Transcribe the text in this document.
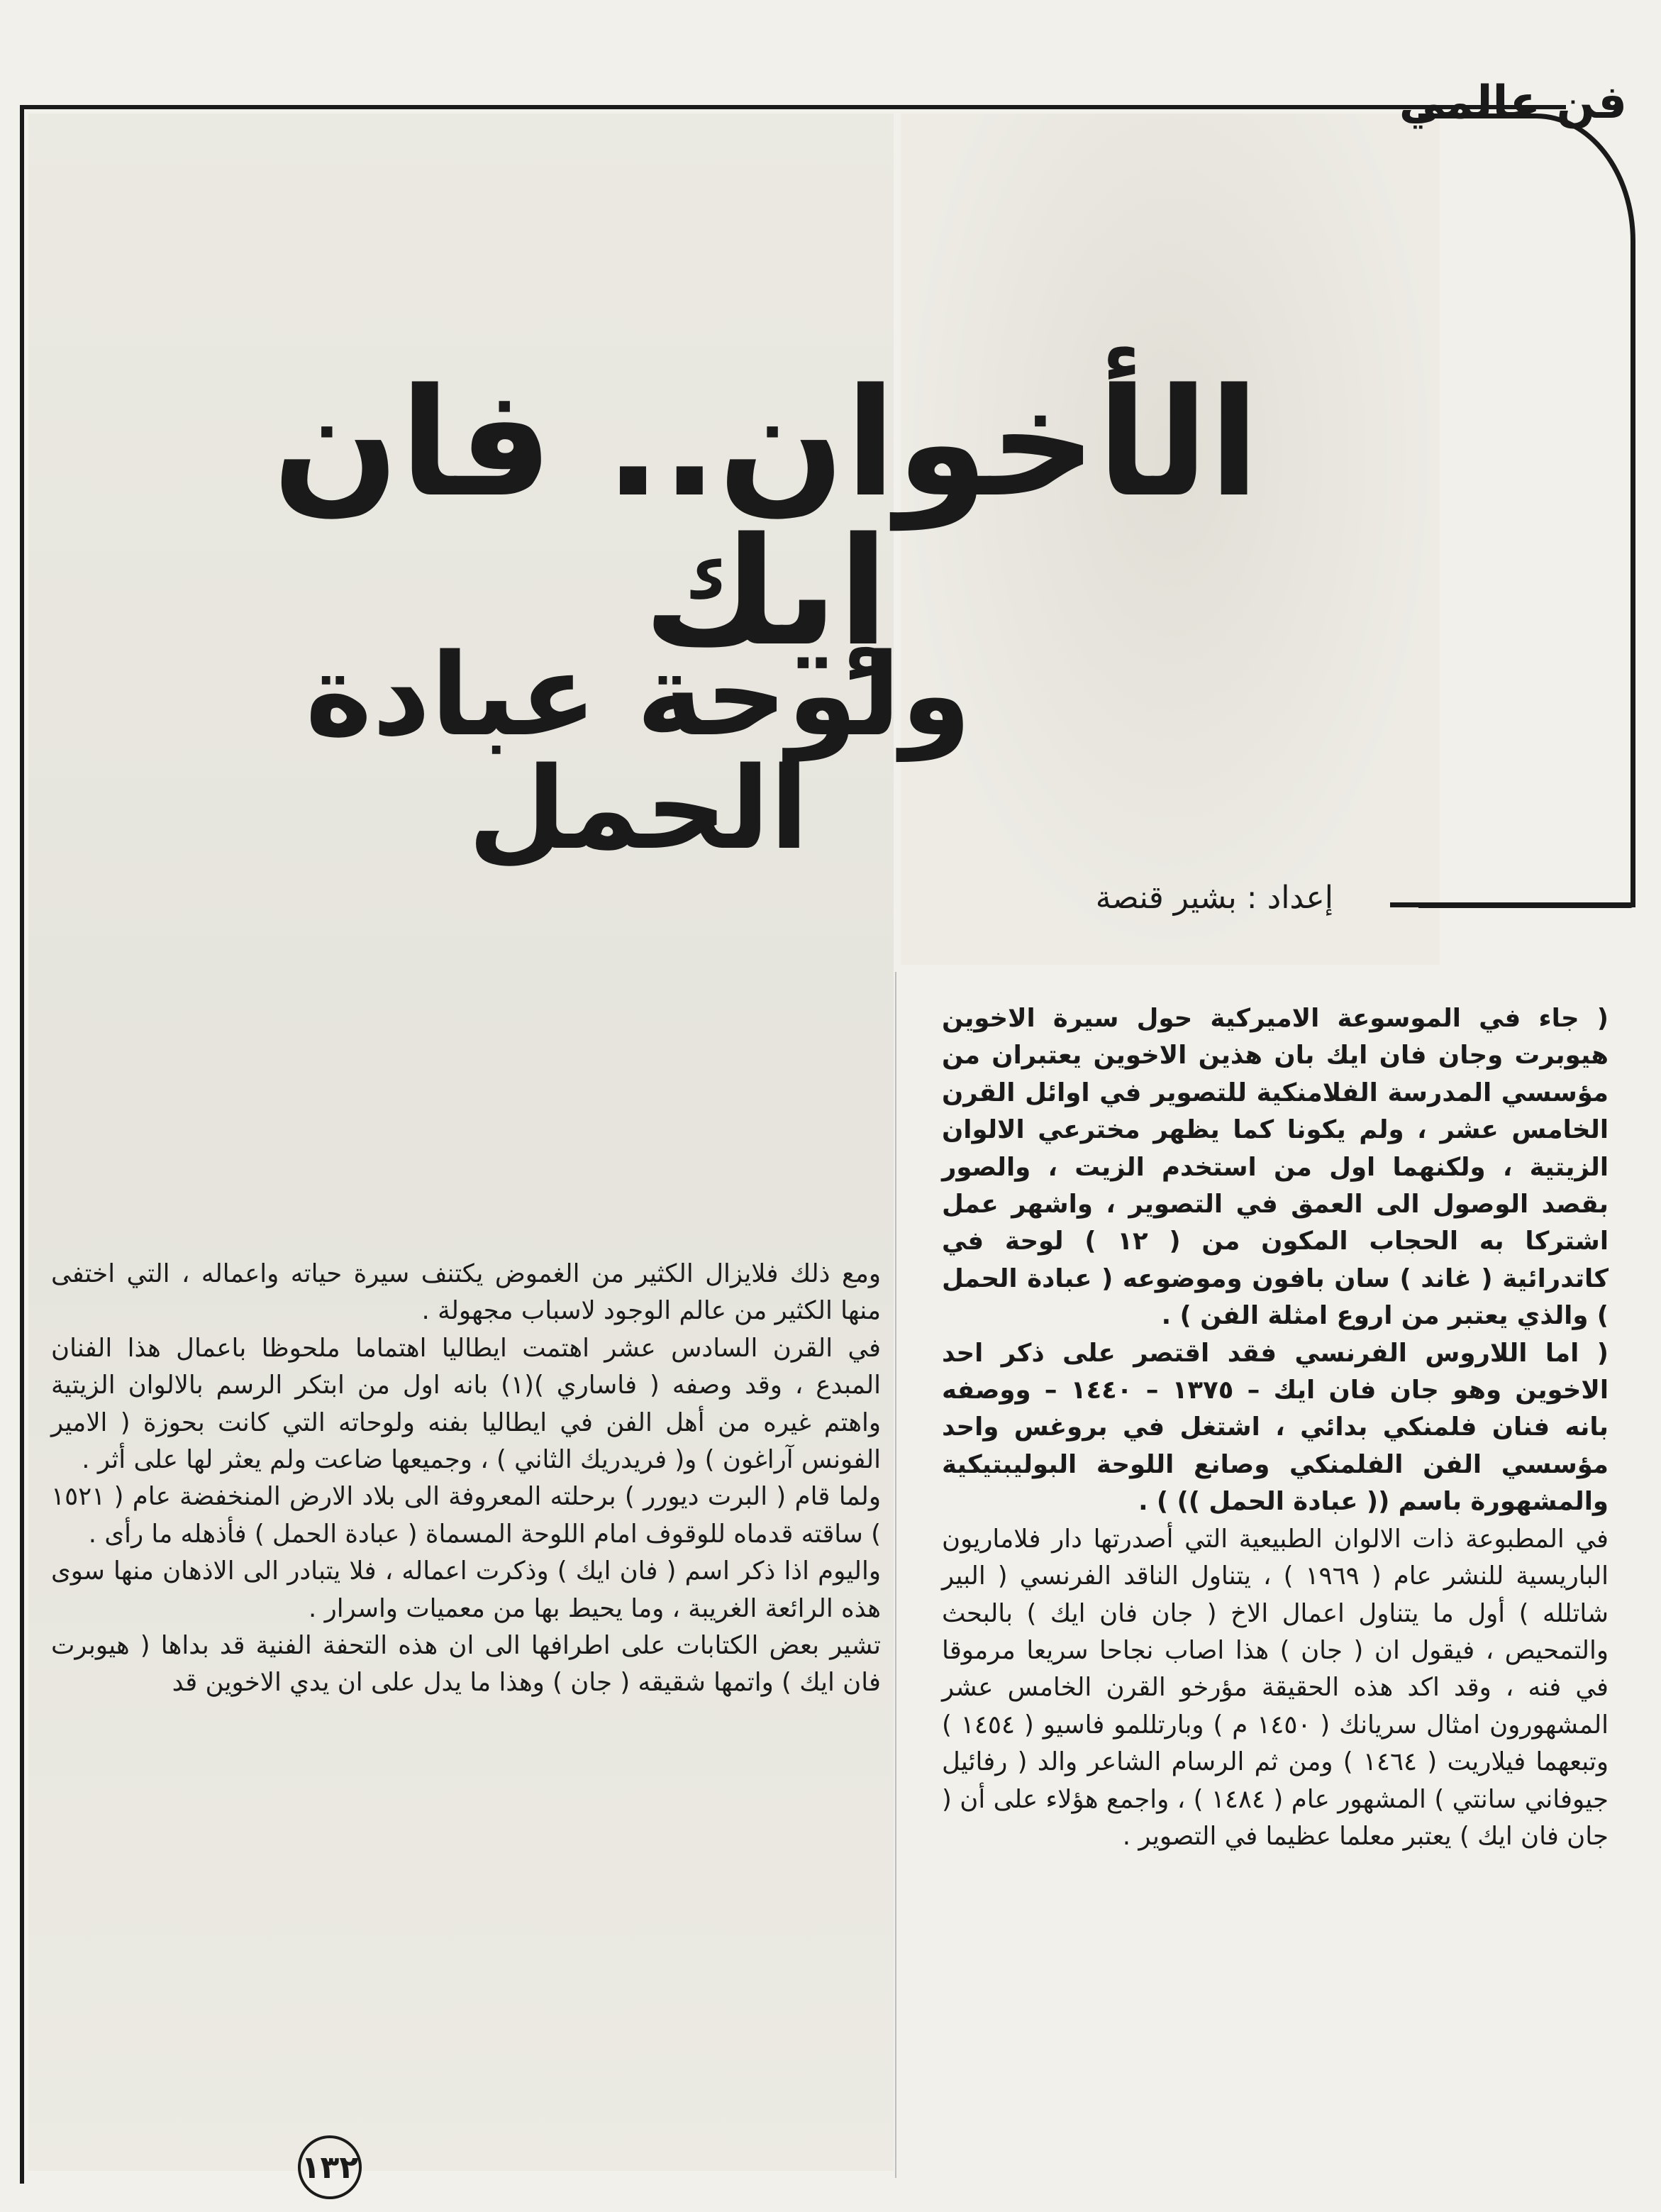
فن عالمي
الأخوان.. فان إيك
ولوحة عبادة الحمل
إعداد : بشير قنصة

( جاء في الموسوعة الاميركية حول سيرة الاخوين هيوبرت وجان فان ايك بان هذين الاخوين يعتبران من مؤسسي المدرسة الفلامنكية للتصوير في اوائل القرن الخامس عشر ، ولم يكونا كما يظهر مخترعي الالوان الزيتية ، ولكنهما اول من استخدم الزيت ، والصور بقصد الوصول الى العمق في التصوير ، واشهر عمل اشتركا به الحجاب المكون من ( ١٢ ) لوحة في كاتدرائية ( غاند ) سان بافون وموضوعه ( عبادة الحمل ) والذي يعتبر من اروع امثلة الفن ) .

( اما اللاروس الفرنسي فقد اقتصر على ذكر احد الاخوين وهو جان فان ايك – ١٣٧٥ – ١٤٤٠ – ووصفه بانه فنان فلمنكي بدائي ، اشتغل في بروغس واحد مؤسسي الفن الفلمنكي وصانع اللوحة البوليبتيكية والمشهورة باسم (( عبادة الحمل )) ) .

في المطبوعة ذات الالوان الطبيعية التي أصدرتها دار فلاماريون الباريسية للنشر عام ( ١٩٦٩ ) ، يتناول الناقد الفرنسي ( البير شاتلله ) أول ما يتناول اعمال الاخ ( جان فان ايك ) بالبحث والتمحيص ، فيقول ان ( جان ) هذا اصاب نجاحا سريعا مرموقا في فنه ، وقد اكد هذه الحقيقة مؤرخو القرن الخامس عشر المشهورون امثال سريانك ( ١٤٥٠ م ) وبارتللمو فاسيو ( ١٤٥٤ ) وتبعهما فيلاريت ( ١٤٦٤ ) ومن ثم الرسام الشاعر والد ( رفائيل جيوفاني سانتي ) المشهور عام ( ١٤٨٤ ) ، واجمع هؤلاء على أن ( جان فان ايك ) يعتبر معلما عظيما في التصوير .

ومع ذلك فلايزال الكثير من الغموض يكتنف سيرة حياته واعماله ، التي اختفى منها الكثير من عالم الوجود لاسباب مجهولة .

في القرن السادس عشر اهتمت ايطاليا اهتماما ملحوظا باعمال هذا الفنان المبدع ، وقد وصفه ( فاساري )(١) بانه اول من ابتكر الرسم بالالوان الزيتية واهتم غيره من أهل الفن في ايطاليا بفنه ولوحاته التي كانت بحوزة ( الامير الفونس آراغون ) و( فريدريك الثاني ) ، وجميعها ضاعت ولم يعثر لها على أثر .

ولما قام ( البرت ديورر ) برحلته المعروفة الى بلاد الارض المنخفضة عام ( ١٥٢١ ) ساقته قدماه للوقوف امام اللوحة المسماة ( عبادة الحمل ) فأذهله ما رأى .

واليوم اذا ذكر اسم ( فان ايك ) وذكرت اعماله ، فلا يتبادر الى الاذهان منها سوى هذه الرائعة الغريبة ، وما يحيط بها من معميات واسرار .

تشير بعض الكتابات على اطرافها الى ان هذه التحفة الفنية قد بداها ( هيوبرت فان ايك ) واتمها شقيقه ( جان ) وهذا ما يدل على ان يدي الاخوين قد

١٣٢
